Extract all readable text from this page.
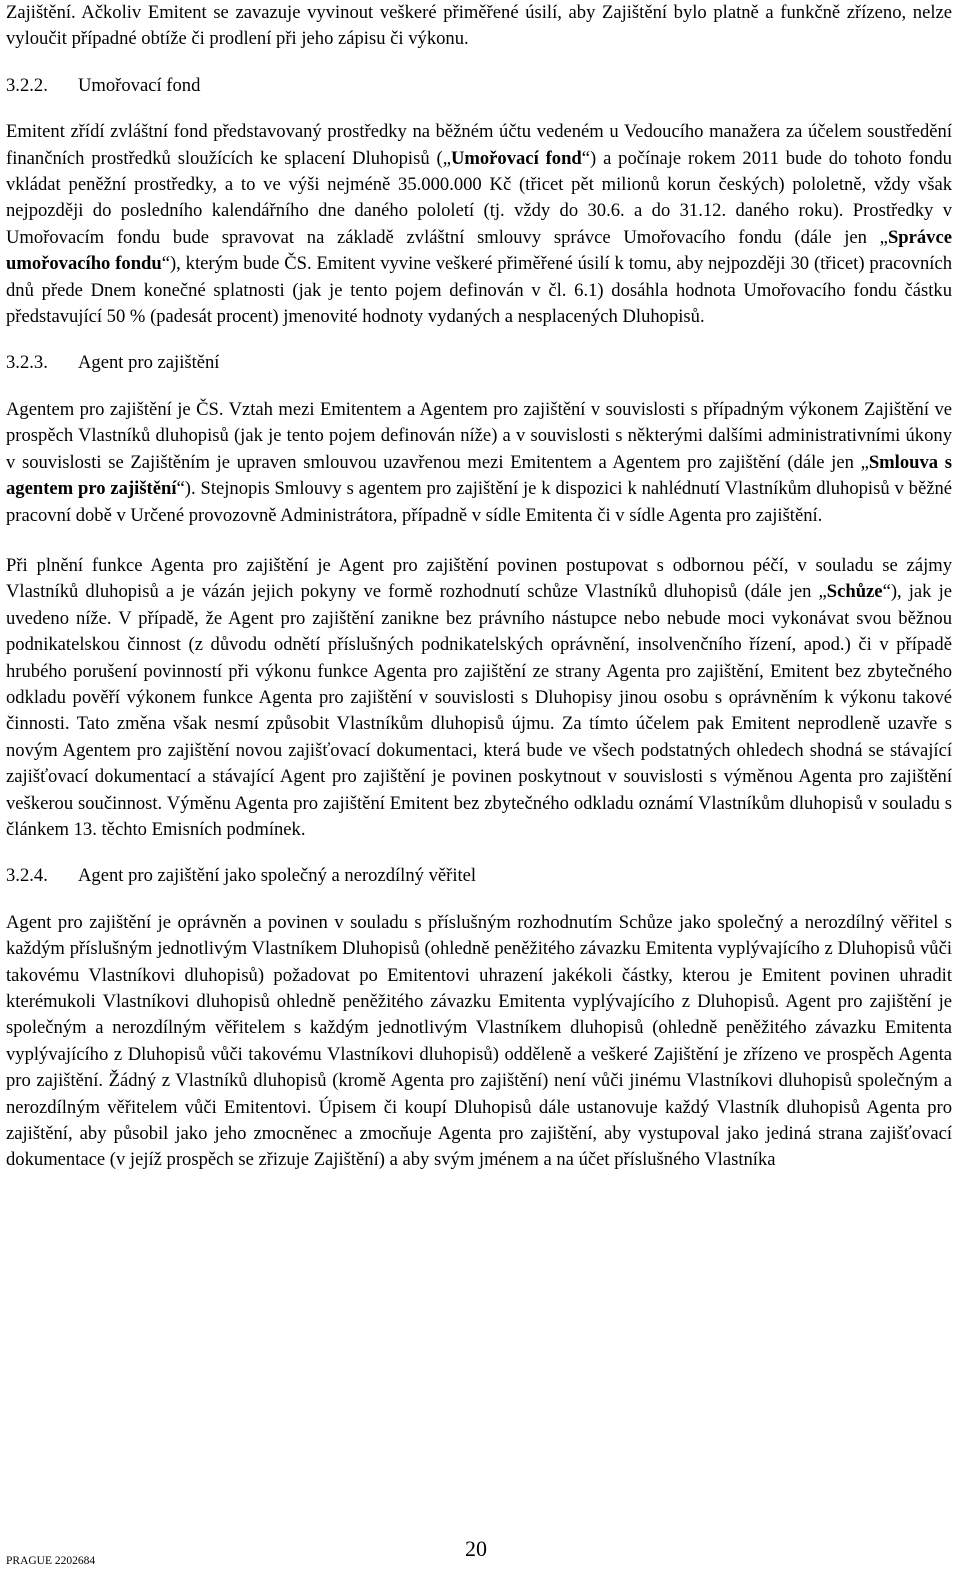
Zajištění. Ačkoliv Emitent se zavazuje vyvinout veškeré přiměřené úsilí, aby Zajištění bylo platně a funkčně zřízeno, nelze vyloučit případné obtíže či prodlení při jeho zápisu či výkonu.

3.2.2.	Umořovací fond

Emitent zřídí zvláštní fond představovaný prostředky na běžném účtu vedeném u Vedoucího manažera za účelem soustředění finančních prostředků sloužících ke splacení Dluhopisů („Umořovací fond“) a počínaje rokem 2011 bude do tohoto fondu vkládat peněžní prostředky, a to ve výši nejméně 35.000.000 Kč (třicet pět milionů korun českých) pololetně, vždy však nejpozději do posledního kalendářního dne daného pololetí (tj. vždy do 30.6. a do 31.12. daného roku). Prostředky v Umořovacím fondu bude spravovat na základě zvláštní smlouvy správce Umořovacího fondu (dále jen „Správce umořovacího fondu“), kterým bude ČS. Emitent vyvine veškeré přiměřené úsilí k tomu, aby nejpozději 30 (třicet) pracovních dnů přede Dnem konečné splatnosti (jak je tento pojem definován v čl. 6.1) dosáhla hodnota Umořovacího fondu částku představující 50 % (padesát procent) jmenovité hodnoty vydaných a nesplacených Dluhopisů.

3.2.3.	Agent pro zajištění

Agentem pro zajištění je ČS. Vztah mezi Emitentem a Agentem pro zajištění v souvislosti s případným výkonem Zajištění ve prospěch Vlastníků dluhopisů (jak je tento pojem definován níže) a v souvislosti s některými dalšími administrativními úkony v souvislosti se Zajištěním je upraven smlouvou uzavřenou mezi Emitentem a Agentem pro zajištění (dále jen „Smlouva s agentem pro zajištění“). Stejnopis Smlouvy s agentem pro zajištění je k dispozici k nahlédnutí Vlastníkům dluhopisů v běžné pracovní době v Určené provozovně Administrátora, případně v sídle Emitenta či v sídle Agenta pro zajištění.

Při plnění funkce Agenta pro zajištění je Agent pro zajištění povinen postupovat s odbornou péčí, v souladu se zájmy Vlastníků dluhopisů a je vázán jejich pokyny ve formě rozhodnutí schůze Vlastníků dluhopisů (dále jen „Schůze“), jak je uvedeno níže. V případě, že Agent pro zajištění zanikne bez právního nástupce nebo nebude moci vykonávat svou běžnou podnikatelskou činnost (z důvodu odnětí příslušných podnikatelských oprávnění, insolvenčního řízení, apod.) či v případě hrubého porušení povinností při výkonu funkce Agenta pro zajištění ze strany Agenta pro zajištění, Emitent bez zbytečného odkladu pověří výkonem funkce Agenta pro zajištění v souvislosti s Dluhopisy jinou osobu s oprávněním k výkonu takové činnosti. Tato změna však nesmí způsobit Vlastníkům dluhopisů újmu. Za tímto účelem pak Emitent neprodleně uzavře s novým Agentem pro zajištění novou zajišťovací dokumentaci, která bude ve všech podstatných ohledech shodná se stávající zajišťovací dokumentací a stávající Agent pro zajištění je povinen poskytnout v souvislosti s výměnou Agenta pro zajištění veškerou součinnost. Výměnu Agenta pro zajištění Emitent bez zbytečného odkladu oznámí Vlastníkům dluhopisů v souladu s článkem 13. těchto Emisních podmínek.

3.2.4.	Agent pro zajištění jako společný a nerozdílný věřitel

Agent pro zajištění je oprávněn a povinen v souladu s příslušným rozhodnutím Schůze jako společný a nerozdílný věřitel s každým příslušným jednotlivým Vlastníkem Dluhopisů (ohledně peněžitého závazku Emitenta vyplývajícího z Dluhopisů vůči takovému Vlastníkovi dluhopisů) požadovat po Emitentovi uhrazení jakékoli částky, kterou je Emitent povinen uhradit kterémukoli Vlastníkovi dluhopisů ohledně peněžitého závazku Emitenta vyplývajícího z Dluhopisů. Agent pro zajištění je společným a nerozdílným věřitelem s každým jednotlivým Vlastníkem dluhopisů (ohledně peněžitého závazku Emitenta vyplývajícího z Dluhopisů vůči takovému Vlastníkovi dluhopisů) odděleně a veškeré Zajištění je zřízeno ve prospěch Agenta pro zajištění. Žádný z Vlastníků dluhopisů (kromě Agenta pro zajištění) není vůči jinému Vlastníkovi dluhopisů společným a nerozdílným věřitelem vůči Emitentovi. Úpisem či koupí Dluhopisů dále ustanovuje každý Vlastník dluhopisů Agenta pro zajištění, aby působil jako jeho zmocněnec a zmocňuje Agenta pro zajištění, aby vystupoval jako jediná strana zajišťovací dokumentace (v jejíž prospěch se zřizuje Zajištění) a aby svým jménem a na účet příslušného Vlastníka

PRAGUE 2202684	20
